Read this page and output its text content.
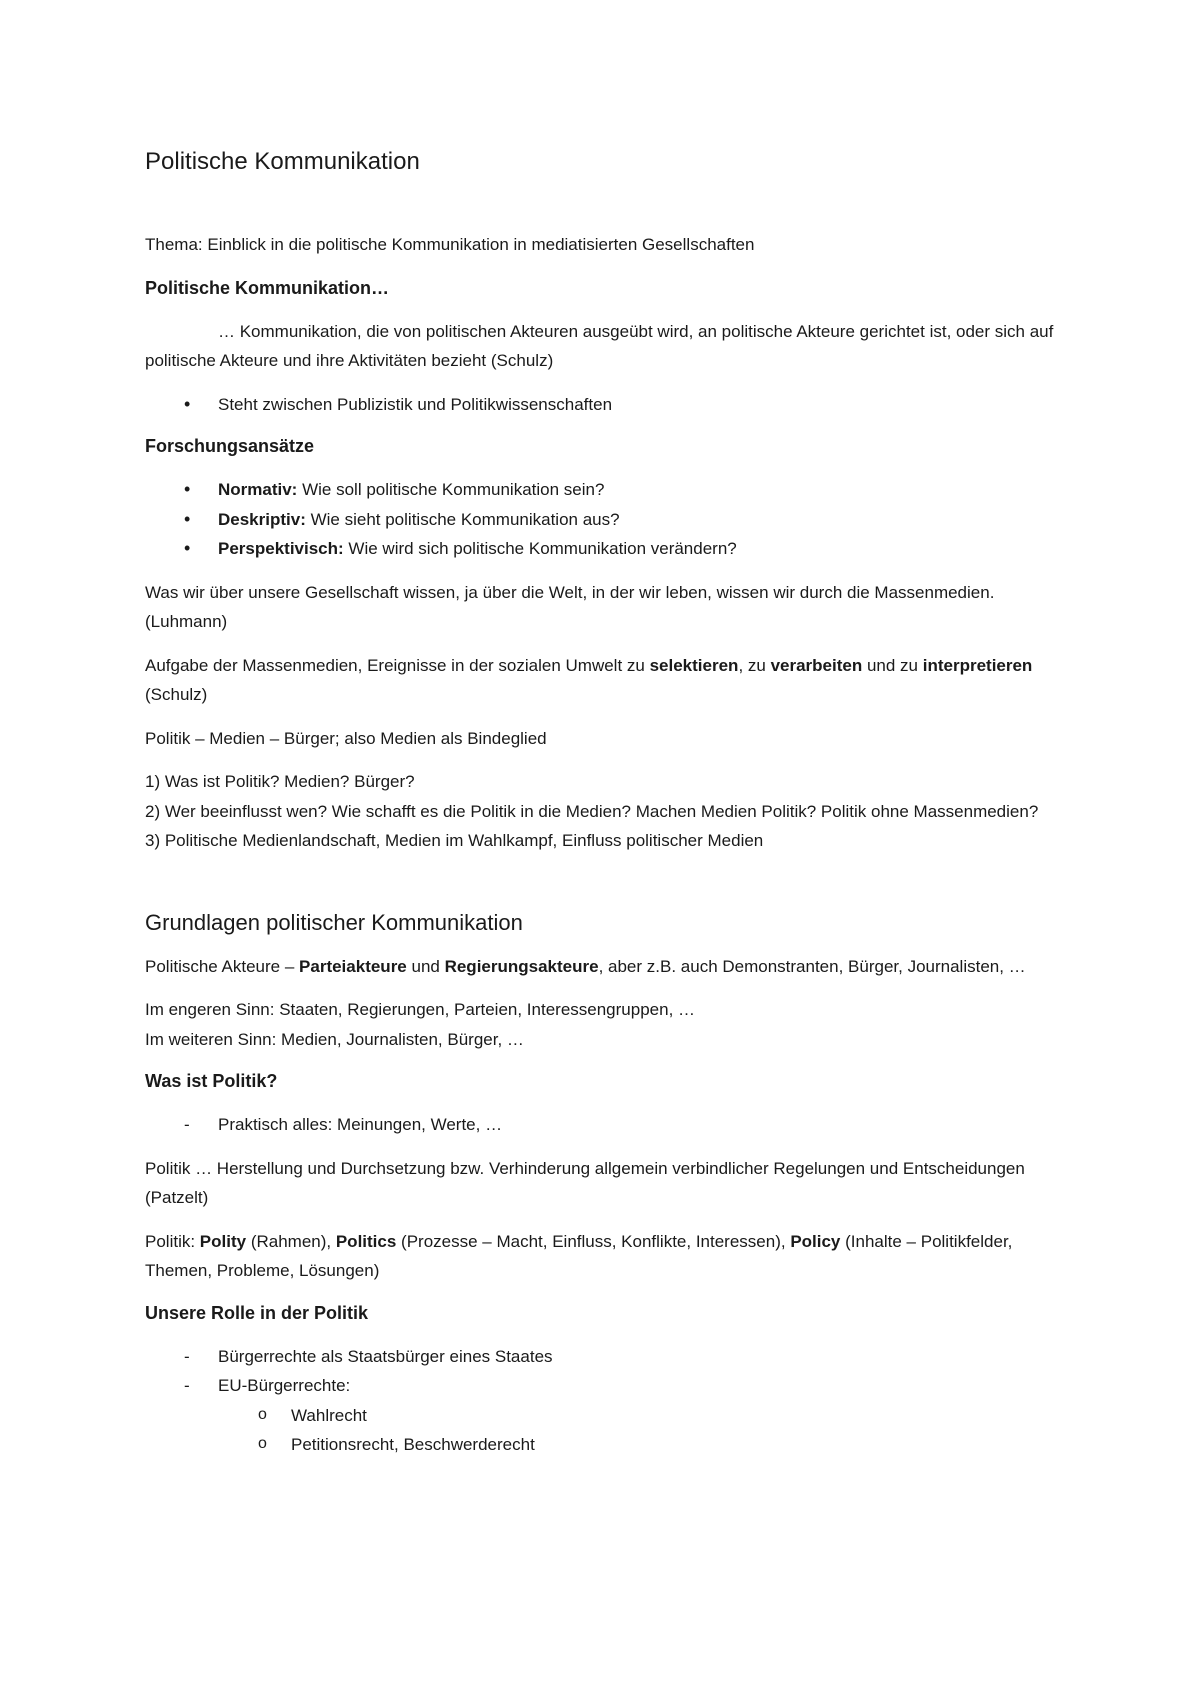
Politische Kommunikation

Thema: Einblick in die politische Kommunikation in mediatisierten Gesellschaften

Politische Kommunikation…

… Kommunikation, die von politischen Akteuren ausgeübt wird, an politische Akteure gerichtet ist, oder sich auf politische Akteure und ihre Aktivitäten bezieht (Schulz)

• Steht zwischen Publizistik und Politikwissenschaften
Forschungsansätze
• Normativ: Wie soll politische Kommunikation sein?
• Deskriptiv: Wie sieht politische Kommunikation aus?
• Perspektivisch: Wie wird sich politische Kommunikation verändern?

Was wir über unsere Gesellschaft wissen, ja über die Welt, in der wir leben, wissen wir durch die Massenmedien. (Luhmann)

Aufgabe der Massenmedien, Ereignisse in der sozialen Umwelt zu selektieren, zu verarbeiten und zu interpretieren (Schulz)

Politik – Medien – Bürger; also Medien als Bindeglied

1) Was ist Politik? Medien? Bürger?

2) Wer beeinflusst wen? Wie schafft es die Politik in die Medien? Machen Medien Politik? Politik ohne Massenmedien?

3) Politische Medienlandschaft, Medien im Wahlkampf, Einfluss politischer Medien

Grundlagen politischer Kommunikation

Politische Akteure – Parteiakteure und Regierungsakteure, aber z.B. auch Demonstranten, Bürger, Journalisten, …

Im engeren Sinn: Staaten, Regierungen, Parteien, Interessengruppen, …

Im weiteren Sinn: Medien, Journalisten, Bürger, …

Was ist Politik?
- Praktisch alles: Meinungen, Werte, …

Politik … Herstellung und Durchsetzung bzw. Verhinderung allgemein verbindlicher Regelungen und Entscheidungen (Patzelt)

Politik: Polity (Rahmen), Politics (Prozesse – Macht, Einfluss, Konflikte, Interessen), Policy (Inhalte – Politikfelder, Themen, Probleme, Lösungen)

Unsere Rolle in der Politik
- Bürgerrechte als Staatsbürger eines Staates
- EU-Bürgerrechte:
o Wahlrecht
o Petitionsrecht, Beschwerderecht
